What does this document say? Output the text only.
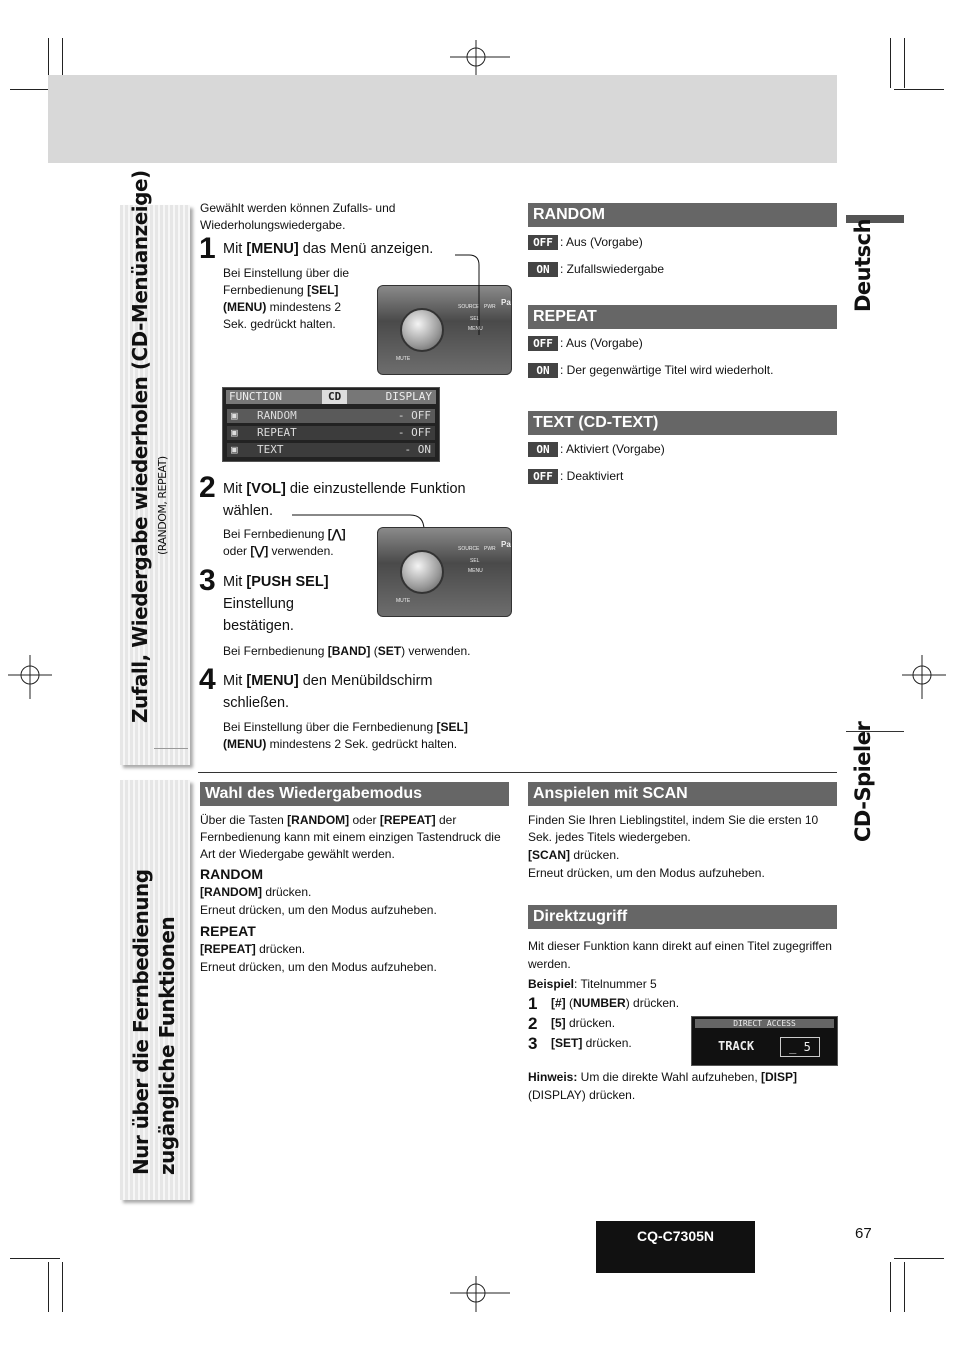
Zufall, Wiedergabe wiederholen (CD-Menüanzeige) (RANDOM, REPEAT)
Nur über die Fernbedienung zugängliche Funktionen
Deutsch
CD-Spieler
Gewählt werden können Zufalls- und Wiederholungswiedergabe.
1 Mit [MENU] das Menü anzeigen.
Bei Einstellung über die
Fernbedienung [SEL]
(MENU) mindestens 2
Sek. gedrückt halten.
SOURCE PWR
SEL
MENU
MUTE
Pa
FUNCTION	CD	DISPLAY
▣ RANDOM	- OFF
▣ REPEAT	- OFF
▣ TEXT	- ON
2 Mit [VOL] die einzustellende Funktion
wählen.
Bei Fernbedienung [⋀]
oder [⋁] verwenden.	SOURCE PWR
SEL
MENU
MUTE
Pa
3 Mit [PUSH SEL]
Einstellung
bestätigen.
Bei Fernbedienung [BAND] (SET) verwenden.
4 Mit [MENU] den Menübildschirm
schließen.
Bei Einstellung über die Fernbedienung [SEL]
(MENU) mindestens 2 Sek. gedrückt halten.
RANDOM
OFF : Aus (Vorgabe)
ON : Zufallswiedergabe
REPEAT
OFF : Aus (Vorgabe)
ON : Der gegenwärtige Titel wird wiederholt.
TEXT (CD-TEXT)
ON : Aktiviert (Vorgabe)
OFF : Deaktiviert
Wahl des Wiedergabemodus
Über die Tasten [RANDOM] oder [REPEAT] der
Fernbedienung kann mit einem einzigen Tastendruck die
Art der Wiedergabe gewählt werden.
RANDOM
[RANDOM] drücken.
Erneut drücken, um den Modus aufzuheben.
REPEAT
[REPEAT] drücken.
Erneut drücken, um den Modus aufzuheben.
Anspielen mit SCAN
Finden Sie Ihren Lieblingstitel, indem Sie die ersten 10
Sek. jedes Titels wiedergeben.
[SCAN] drücken.
Erneut drücken, um den Modus aufzuheben.
Direktzugriff
Mit dieser Funktion kann direkt auf einen Titel zugegriffen
werden.
Beispiel: Titelnummer 5
1 [#] (NUMBER) drücken.
2 [5] drücken.
3 [SET] drücken.
DIRECT ACCESS
TRACK	_ 5
Hinweis: Um die direkte Wahl aufzuheben, [DISP]
(DISPLAY) drücken.
CQ-C7305N	67
